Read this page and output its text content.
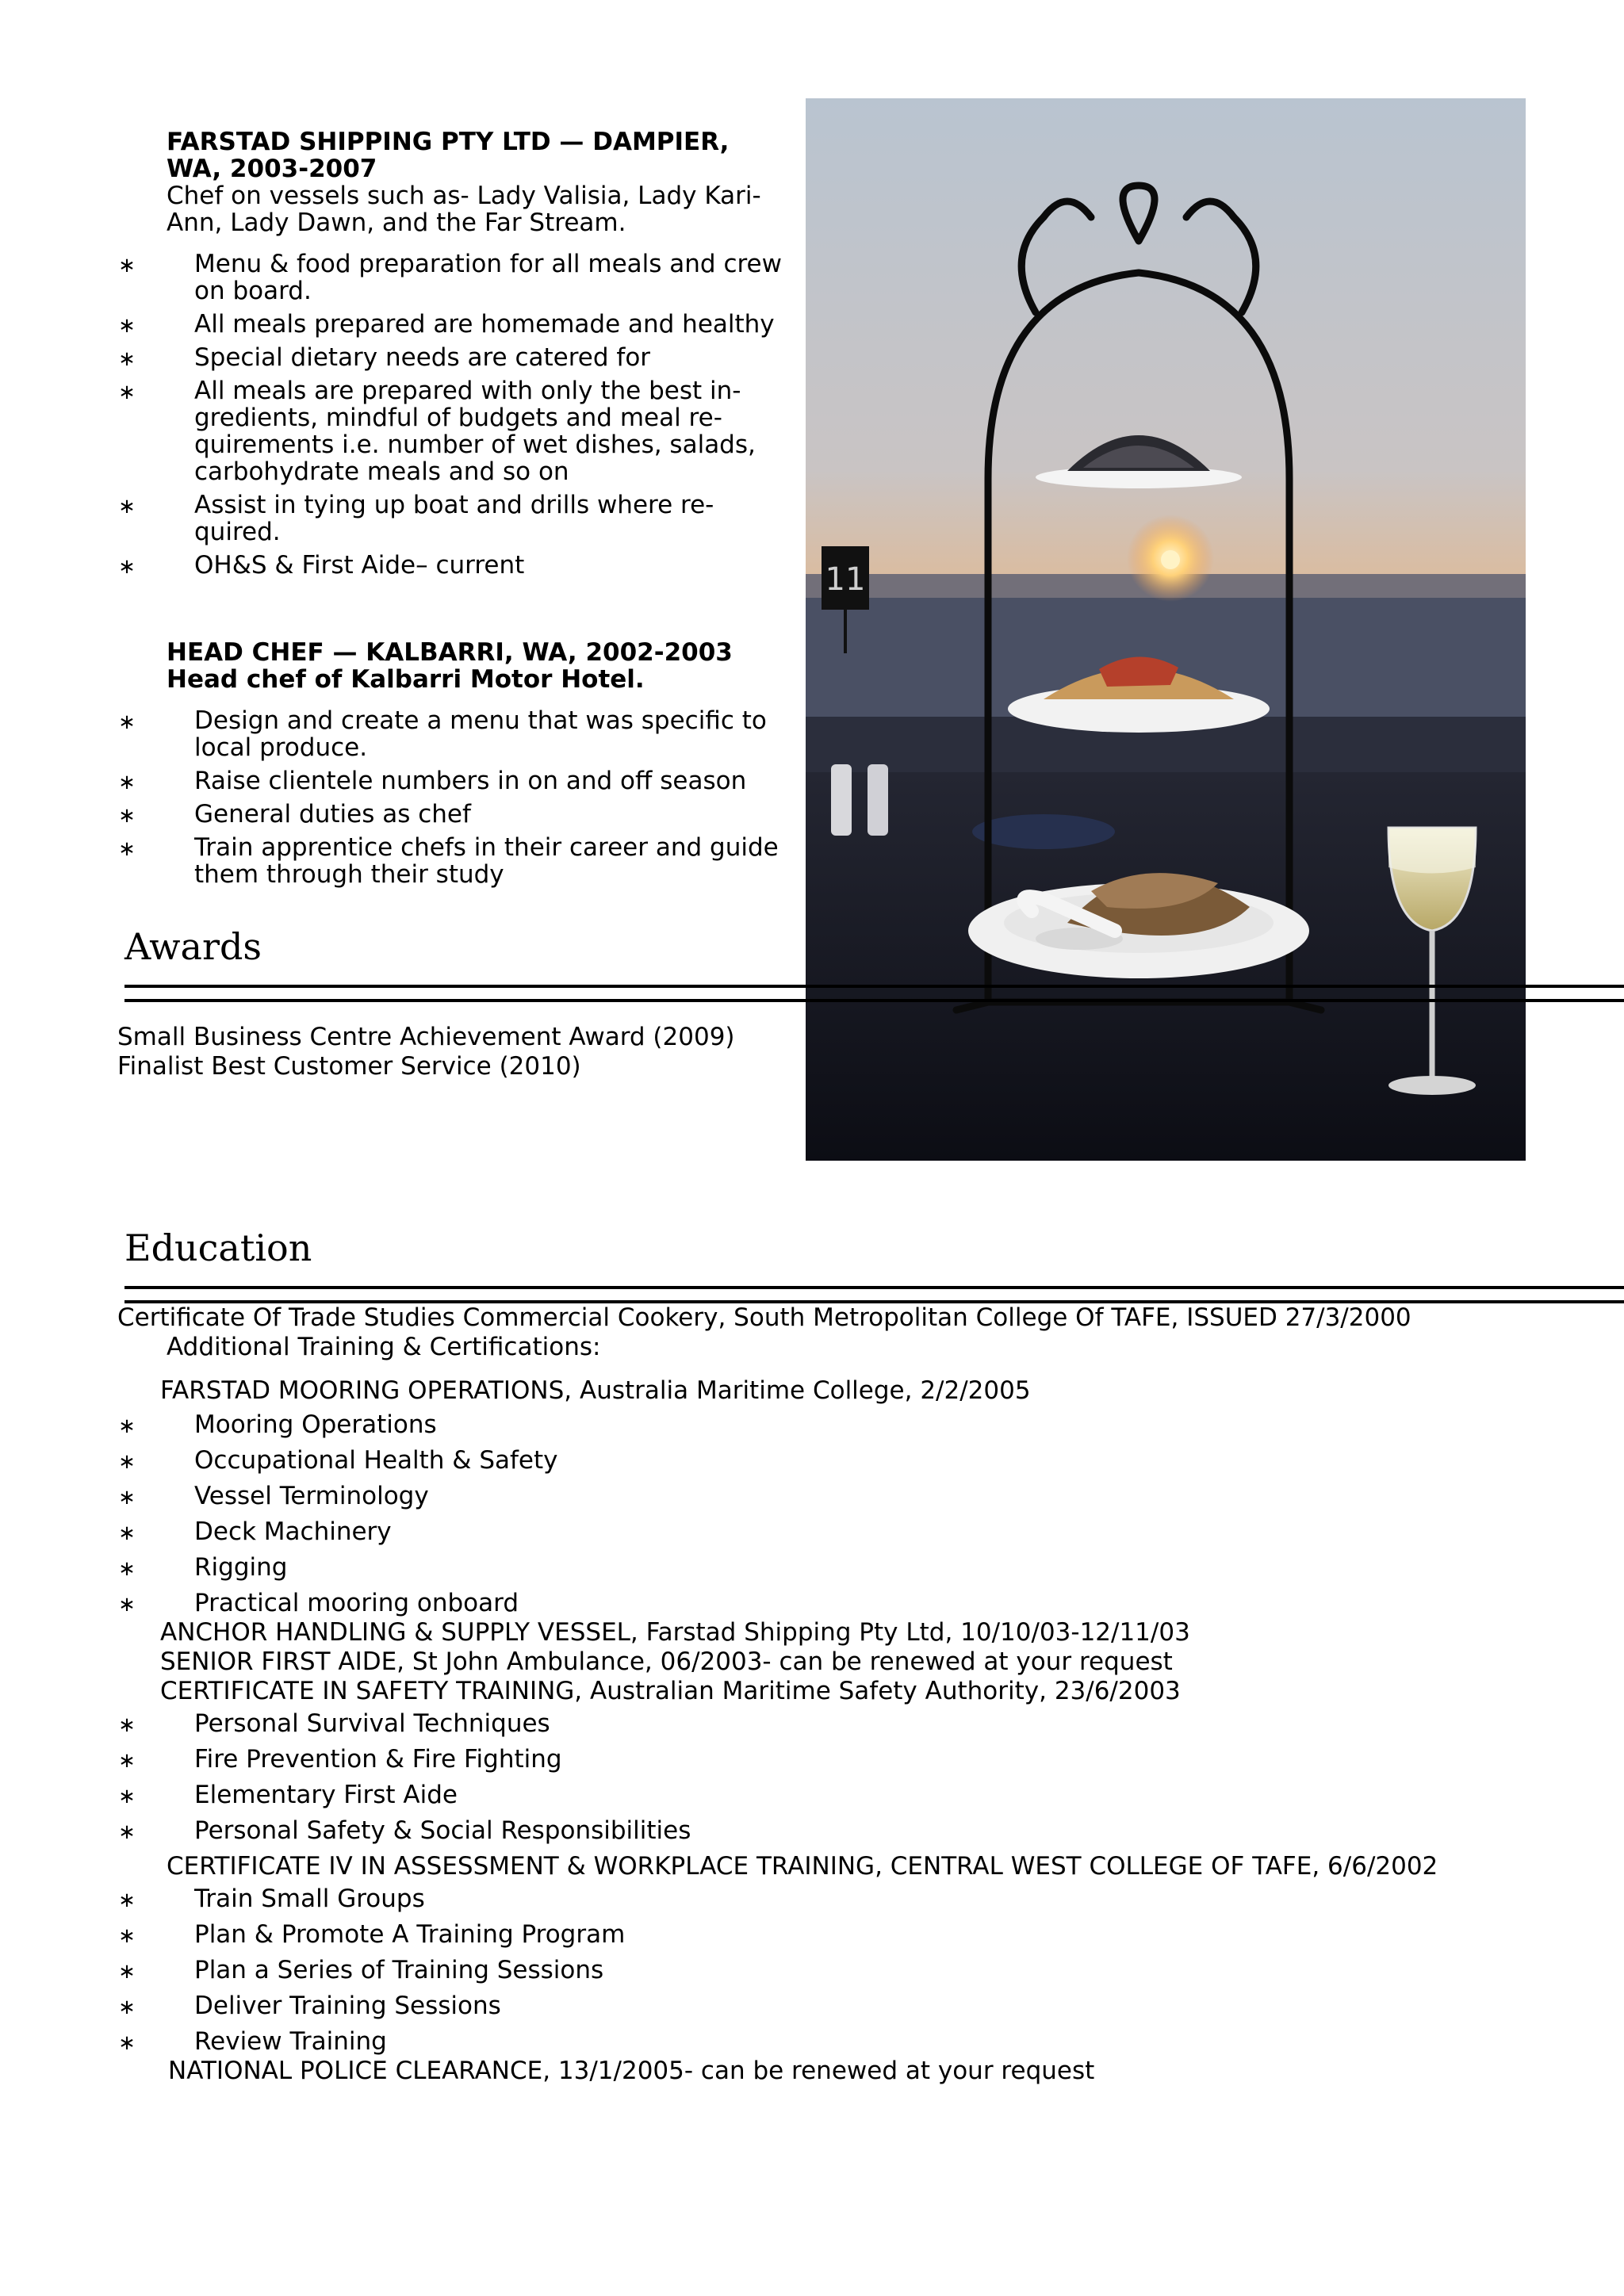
11
FARSTAD SHIPPING PTY LTD — DAMPIER,
WA, 2003-2007
Chef on vessels such as- Lady Valisia, Lady Kari-
Ann, Lady Dawn, and the Far Stream.
∗ Menu & food preparation for all meals and crew
on board.
∗ All meals prepared are homemade and healthy
∗ Special dietary needs are catered for
∗ All meals are prepared with only the best in-
gredients, mindful of budgets and meal re-
quirements i.e. number of wet dishes, salads,
carbohydrate meals and so on
∗ Assist in tying up boat and drills where re-
quired.
∗ OH&S & First Aide– current
HEAD CHEF — KALBARRI, WA, 2002-2003
Head chef of Kalbarri Motor Hotel.
∗ Design and create a menu that was specific to
local produce.
∗ Raise clientele numbers in on and off season
∗ General duties as chef
∗ Train apprentice chefs in their career and guide
them through their study
Awards
Small Business Centre Achievement Award (2009)
Finalist Best Customer Service (2010)
Education
Certificate Of Trade Studies Commercial Cookery, South Metropolitan College Of TAFE, ISSUED 27/3/2000
Additional Training & Certifications:
FARSTAD MOORING OPERATIONS, Australia Maritime College, 2/2/2005
∗ Mooring Operations
∗ Occupational Health & Safety
∗ Vessel Terminology
∗ Deck Machinery
∗ Rigging
∗ Practical mooring onboard
ANCHOR HANDLING & SUPPLY VESSEL, Farstad Shipping Pty Ltd, 10/10/03-12/11/03
SENIOR FIRST AIDE, St John Ambulance, 06/2003- can be renewed at your request
CERTIFICATE IN SAFETY TRAINING, Australian Maritime Safety Authority, 23/6/2003
∗ Personal Survival Techniques
∗ Fire Prevention & Fire Fighting
∗ Elementary First Aide
∗ Personal Safety & Social Responsibilities
CERTIFICATE IV IN ASSESSMENT & WORKPLACE TRAINING, CENTRAL WEST COLLEGE OF TAFE, 6/6/2002
∗ Train Small Groups
∗ Plan & Promote A Training Program
∗ Plan a Series of Training Sessions
∗ Deliver Training Sessions
∗ Review Training
NATIONAL POLICE CLEARANCE, 13/1/2005- can be renewed at your request
